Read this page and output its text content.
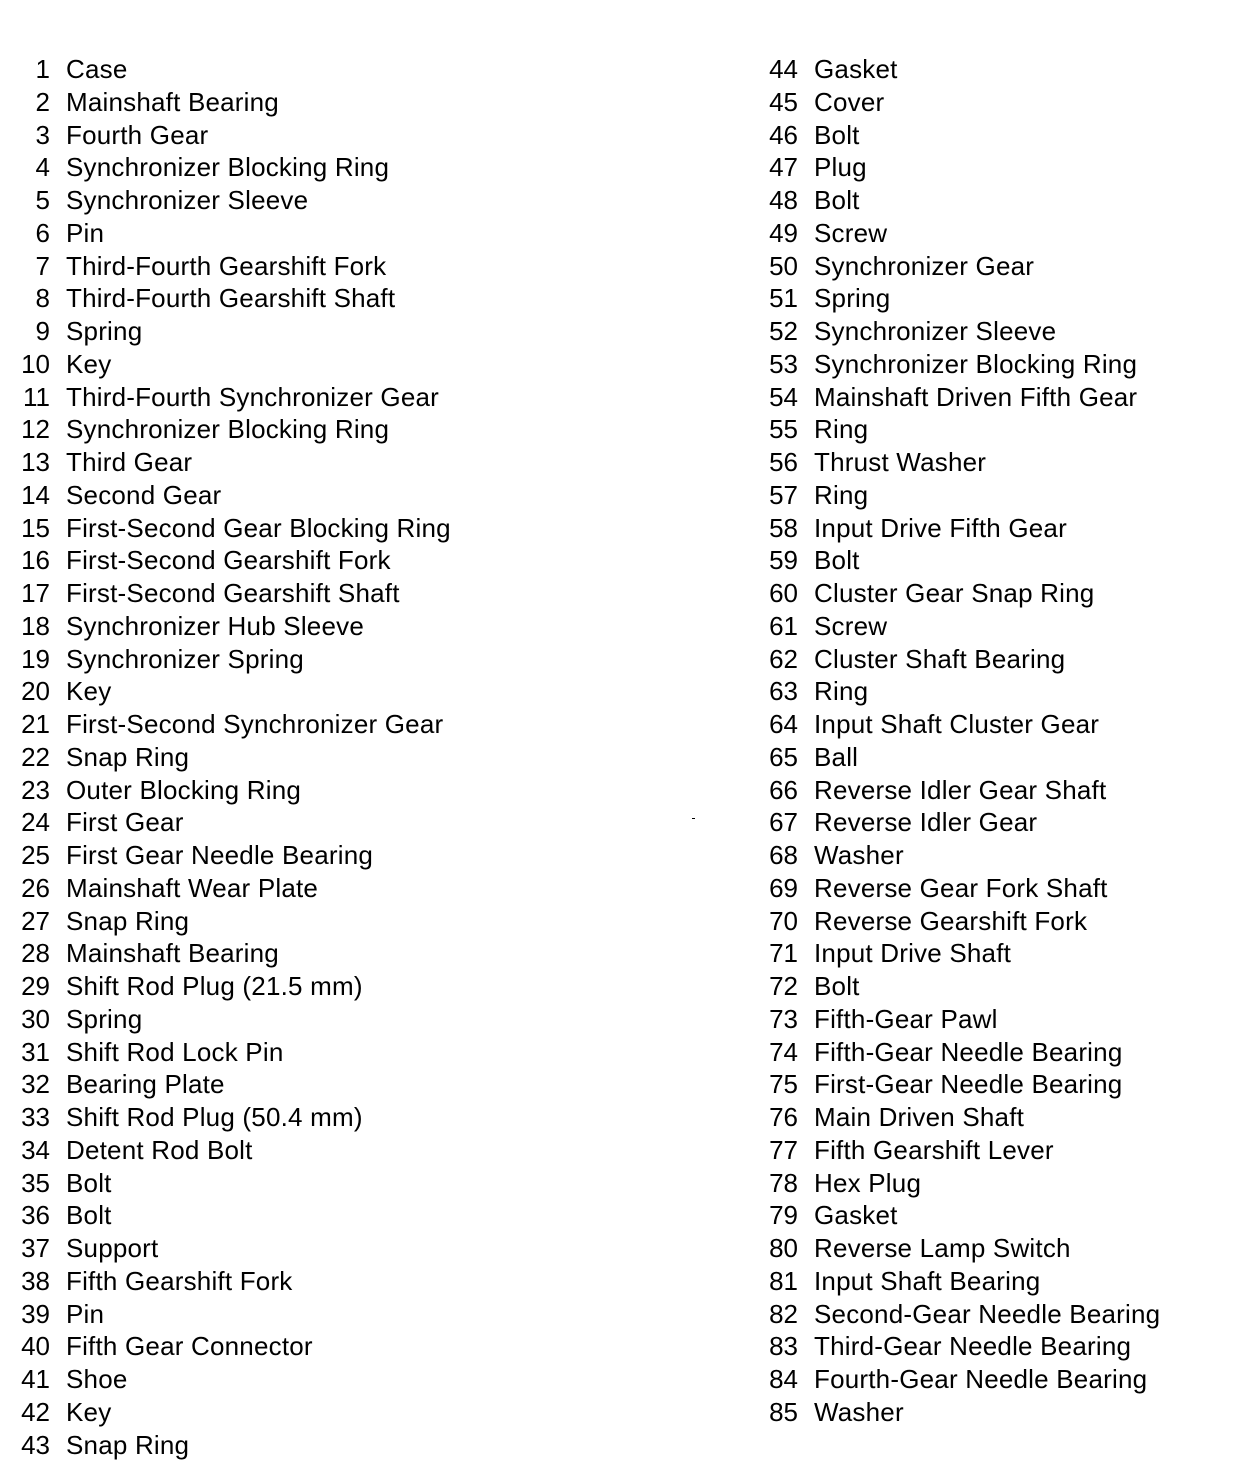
1 Case
2 Mainshaft Bearing
3 Fourth Gear
4 Synchronizer Blocking Ring
5 Synchronizer Sleeve
6 Pin
7 Third-Fourth Gearshift Fork
8 Third-Fourth Gearshift Shaft
9 Spring
10 Key
11 Third-Fourth Synchronizer Gear
12 Synchronizer Blocking Ring
13 Third Gear
14 Second Gear
15 First-Second Gear Blocking Ring
16 First-Second Gearshift Fork
17 First-Second Gearshift Shaft
18 Synchronizer Hub Sleeve
19 Synchronizer Spring
20 Key
21 First-Second Synchronizer Gear
22 Snap Ring
23 Outer Blocking Ring
24 First Gear
25 First Gear Needle Bearing
26 Mainshaft Wear Plate
27 Snap Ring
28 Mainshaft Bearing
29 Shift Rod Plug (21.5 mm)
30 Spring
31 Shift Rod Lock Pin
32 Bearing Plate
33 Shift Rod Plug (50.4 mm)
34 Detent Rod Bolt
35 Bolt
36 Bolt
37 Support
38 Fifth Gearshift Fork
39 Pin
40 Fifth Gear Connector
41 Shoe
42 Key
43 Snap Ring
44 Gasket
45 Cover
46 Bolt
47 Plug
48 Bolt
49 Screw
50 Synchronizer Gear
51 Spring
52 Synchronizer Sleeve
53 Synchronizer Blocking Ring
54 Mainshaft Driven Fifth Gear
55 Ring
56 Thrust Washer
57 Ring
58 Input Drive Fifth Gear
59 Bolt
60 Cluster Gear Snap Ring
61 Screw
62 Cluster Shaft Bearing
63 Ring
64 Input Shaft Cluster Gear
65 Ball
66 Reverse Idler Gear Shaft
67 Reverse Idler Gear
68 Washer
69 Reverse Gear Fork Shaft
70 Reverse Gearshift Fork
71 Input Drive Shaft
72 Bolt
73 Fifth-Gear Pawl
74 Fifth-Gear Needle Bearing
75 First-Gear Needle Bearing
76 Main Driven Shaft
77 Fifth Gearshift Lever
78 Hex Plug
79 Gasket
80 Reverse Lamp Switch
81 Input Shaft Bearing
82 Second-Gear Needle Bearing
83 Third-Gear Needle Bearing
84 Fourth-Gear Needle Bearing
85 Washer
